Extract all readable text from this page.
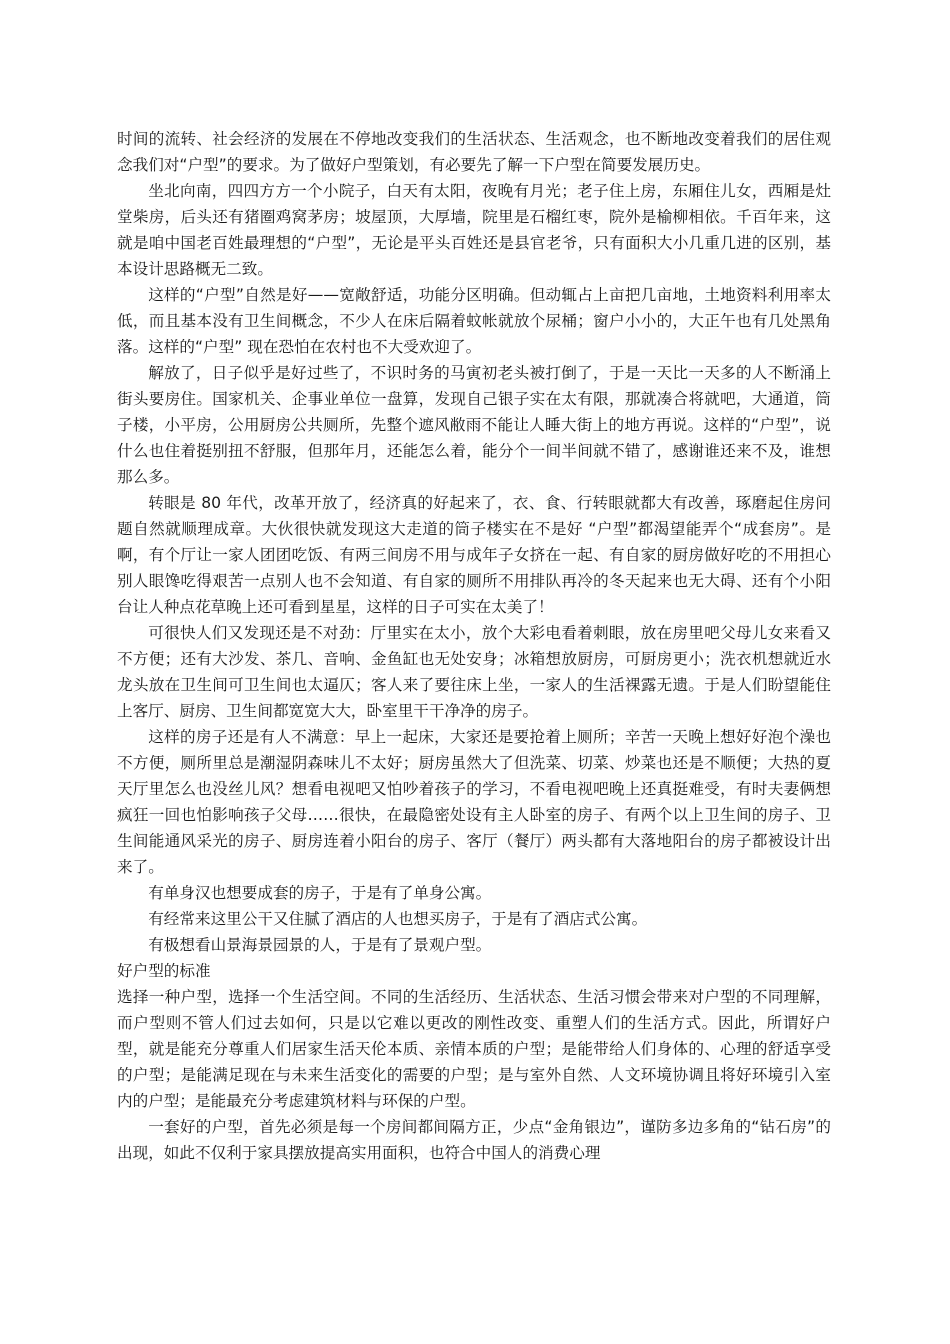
时间的流转、社会经济的发展在不停地改变我们的生活状态、生活观念，也不断地改变着我们的居住观念我们对“户型”的要求。为了做好户型策划，有必要先了解一下户型在简要发展历史。

坐北向南，四四方方一个小院子，白天有太阳，夜晚有月光；老子住上房，东厢住儿女，西厢是灶堂柴房，后头还有猪圈鸡窝茅房；坡屋顶，大厚墙，院里是石榴红枣，院外是榆柳相依。千百年来，这就是咱中国老百姓最理想的“户型”，无论是平头百姓还是县官老爷，只有面积大小几重几进的区别，基本设计思路概无二致。

这样的“户型”自然是好——宽敞舒适，功能分区明确。但动辄占上亩把几亩地，土地资料利用率太低，而且基本没有卫生间概念，不少人在床后隔着蚊帐就放个尿桶；窗户小小的，大正午也有几处黑角落。这样的“户型” 现在恐怕在农村也不大受欢迎了。

解放了，日子似乎是好过些了，不识时务的马寅初老头被打倒了，于是一天比一天多的人不断涌上街头要房住。国家机关、企事业单位一盘算，发现自己银子实在太有限，那就凑合将就吧，大通道，筒子楼，小平房，公用厨房公共厕所，先整个遮风敝雨不能让人睡大街上的地方再说。这样的“户型”，说什么也住着挺别扭不舒服，但那年月，还能怎么着，能分个一间半间就不错了，感谢谁还来不及，谁想那么多。

转眼是 80 年代，改革开放了，经济真的好起来了，衣、食、行转眼就都大有改善，琢磨起住房问题自然就顺理成章。大伙很快就发现这大走道的筒子楼实在不是好 “户型”都渴望能弄个“成套房”。是啊，有个厅让一家人团团吃饭、有两三间房不用与成年子女挤在一起、有自家的厨房做好吃的不用担心别人眼馋吃得艰苦一点别人也不会知道、有自家的厕所不用排队再冷的冬天起来也无大碍、还有个小阳台让人种点花草晚上还可看到星星，这样的日子可实在太美了！

可很快人们又发现还是不对劲：厅里实在太小，放个大彩电看着刺眼，放在房里吧父母儿女来看又不方便；还有大沙发、茶几、音响、金鱼缸也无处安身；冰箱想放厨房，可厨房更小；洗衣机想就近水龙头放在卫生间可卫生间也太逼仄；客人来了要往床上坐，一家人的生活裸露无遗。于是人们盼望能住上客厅、厨房、卫生间都宽宽大大，卧室里干干净净的房子。

这样的房子还是有人不满意：早上一起床，大家还是要抢着上厕所；辛苦一天晚上想好好泡个澡也不方便，厕所里总是潮湿阴森味儿不太好；厨房虽然大了但洗菜、切菜、炒菜也还是不顺便；大热的夏天厅里怎么也没丝儿风？想看电视吧又怕吵着孩子的学习，不看电视吧晚上还真挺难受，有时夫妻俩想疯狂一回也怕影响孩子父母……很快，在最隐密处设有主人卧室的房子、有两个以上卫生间的房子、卫生间能通风采光的房子、厨房连着小阳台的房子、客厅（餐厅）两头都有大落地阳台的房子都被设计出来了。

有单身汉也想要成套的房子，于是有了单身公寓。

有经常来这里公干又住腻了酒店的人也想买房子，于是有了酒店式公寓。

有极想看山景海景园景的人，于是有了景观户型。

好户型的标准

选择一种户型，选择一个生活空间。不同的生活经历、生活状态、生活习惯会带来对户型的不同理解，而户型则不管人们过去如何，只是以它难以更改的刚性改变、重塑人们的生活方式。因此，所谓好户型，就是能充分尊重人们居家生活天伦本质、亲情本质的户型；是能带给人们身体的、心理的舒适享受的户型；是能满足现在与未来生活变化的需要的户型；是与室外自然、人文环境协调且将好环境引入室内的户型；是能最充分考虑建筑材料与环保的户型。

一套好的户型，首先必须是每一个房间都间隔方正，少点“金角银边”，谨防多边多角的“钻石房”的出现，如此不仅利于家具摆放提高实用面积，也符合中国人的消费心理
